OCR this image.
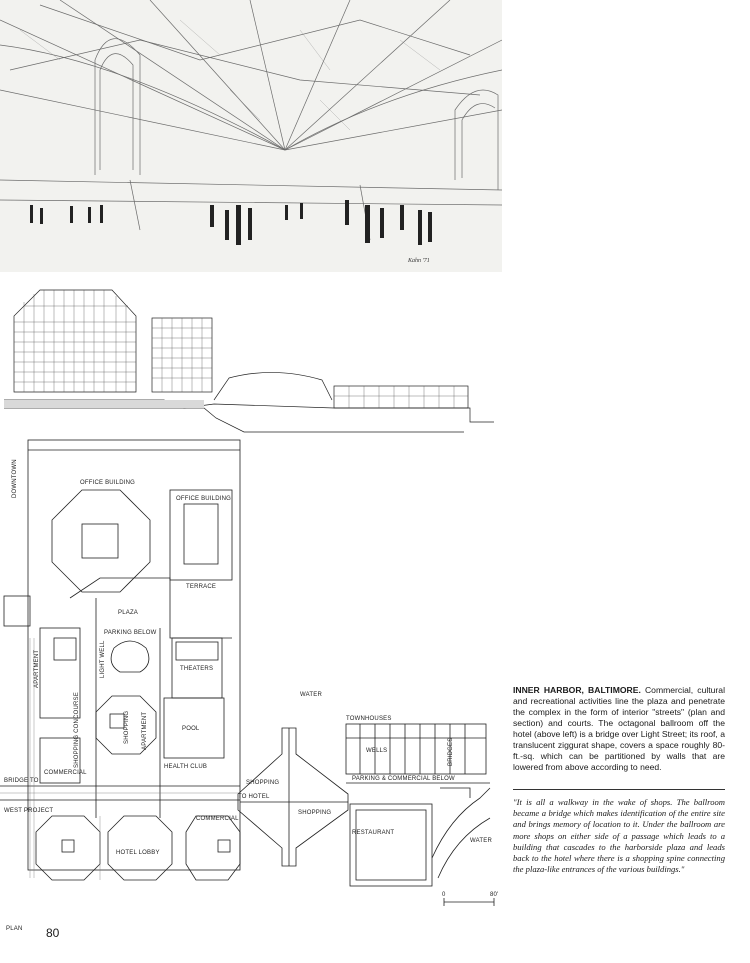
Kahn '71
DOWNTOWN	OFFICE BUILDING
OFFICE BUILDING
TERRACE
PLAZA
PARKING BELOW
APARTMENT	THEATERS
LIGHT WELL
SHOPPING CONCOURSE	SHOPPING APARTMENT	POOL
HEALTH CLUB
COMMERCIAL
BRIDGE TO
WEST PROJECT
COMMERCIAL
HOTEL LOBBY
PLAN
WATER
TOWNHOUSES
WELLS	BRIDGES
SHOPPING
TO HOTEL
SHOPPING
PARKING & COMMERCIAL BELOW
RESTAURANT
WATER
0	80'
INNER HARBOR, BALTIMORE. Commercial, cultural and recreational activities line the plaza and penetrate the complex in the form of interior "streets" (plan and section) and courts. The octagonal ballroom off the hotel (above left) is a bridge over Light Street; its roof, a translucent ziggurat shape, covers a space roughly 80-ft.-sq. which can be partitioned by walls that are lowered from above according to need.
"It is all a walkway in the wake of shops. The ballroom became a bridge which makes identification of the entire site and brings memory of location to it. Under the ballroom are more shops on either side of a passage which leads to a building that cascades to the harborside plaza and leads back to the hotel where there is a shopping spine connecting the plaza-like entrances of the various buildings."
80
